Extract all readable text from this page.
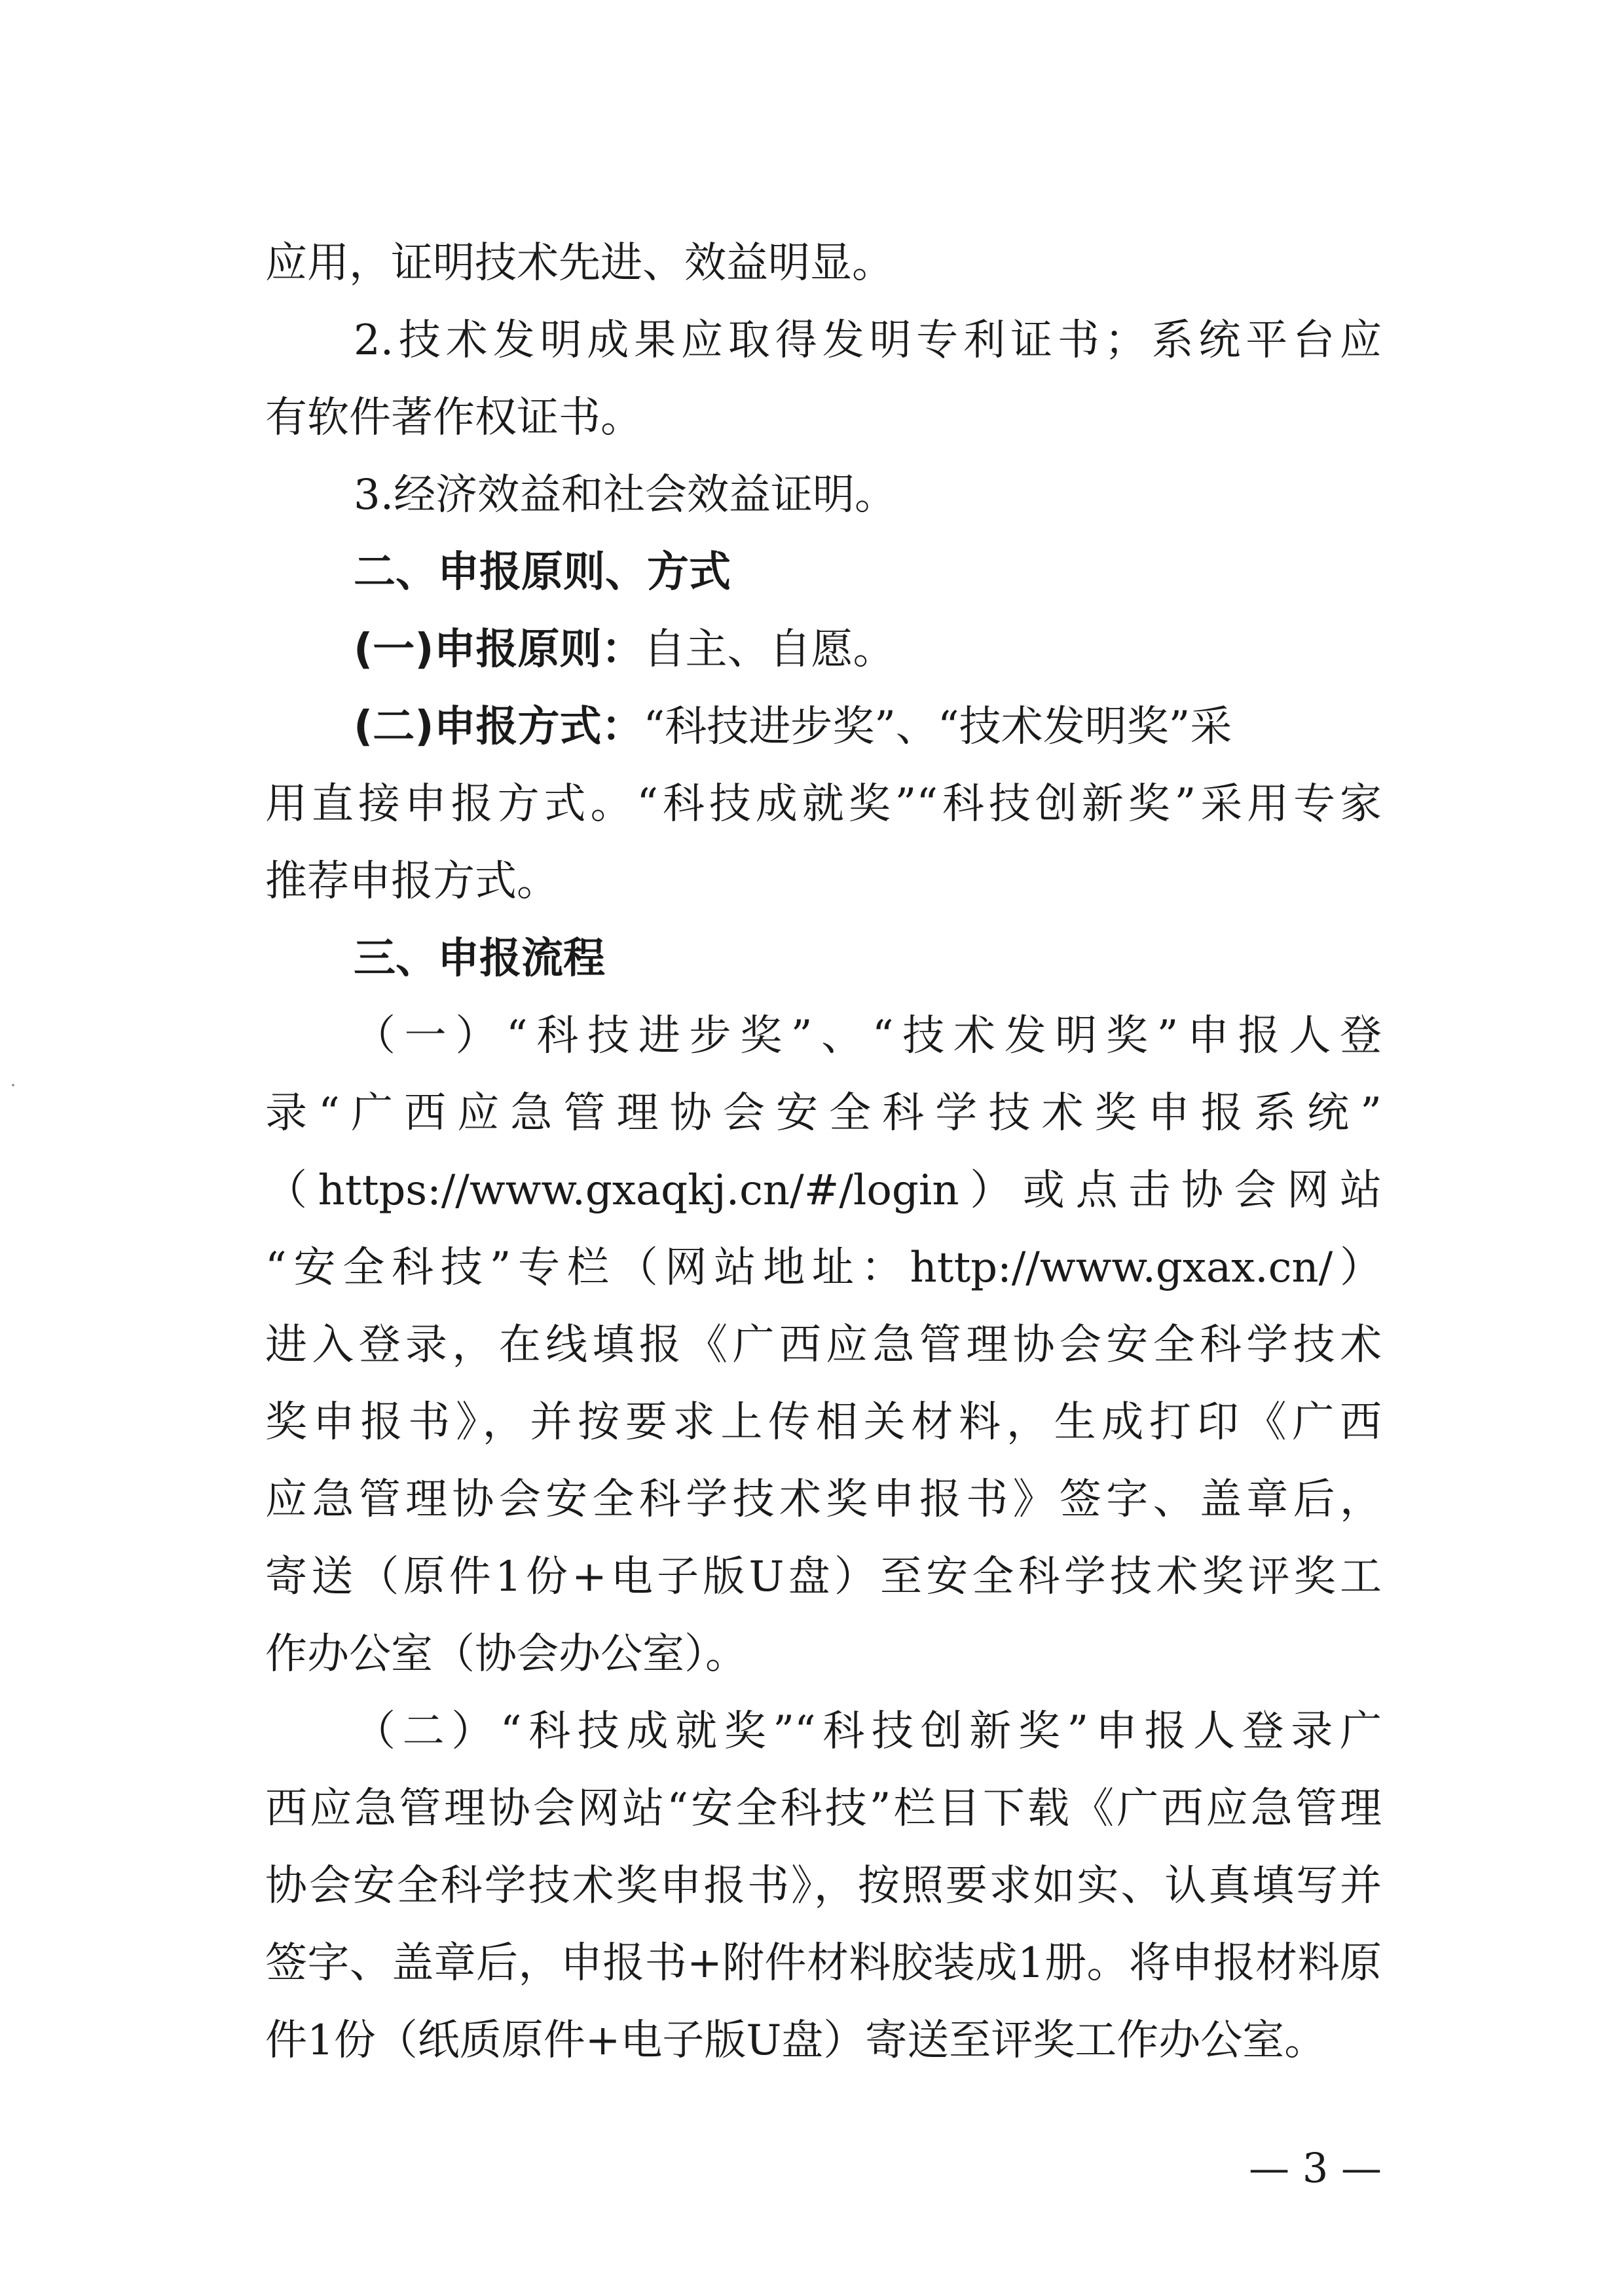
应用，证明技术先进、效益明显。
2.技术发明成果应取得发明专利证书；系统平台应
有软件著作权证书。
3.经济效益和社会效益证明。
二、申报原则、方式
(一)申报原则：自主、自愿。
(二)申报方式：“科技进步奖”、“技术发明奖”采
用直接申报方式。“科技成就奖”“科技创新奖”采用专家
推荐申报方式。
三、申报流程
（一）“科技进步奖”、“技术发明奖”申报人登
录“广西应急管理协会安全科学技术奖申报系统”
（https://www.gxaqkj.cn/#/login）或点击协会网站
“安全科技”专栏（网站地址：http://www.gxax.cn/）
进入登录，在线填报《广西应急管理协会安全科学技术
奖申报书》，并按要求上传相关材料，生成打印《广西
应急管理协会安全科学技术奖申报书》签字、盖章后，
寄送（原件1份+电子版U盘）至安全科学技术奖评奖工
作办公室（协会办公室）。
（二）“科技成就奖”“科技创新奖”申报人登录广
西应急管理协会网站“安全科技”栏目下载《广西应急管理
协会安全科学技术奖申报书》，按照要求如实、认真填写并
签字、盖章后，申报书+附件材料胶装成1册。将申报材料原
件1份（纸质原件+电子版U盘）寄送至评奖工作办公室。
— 3 —
